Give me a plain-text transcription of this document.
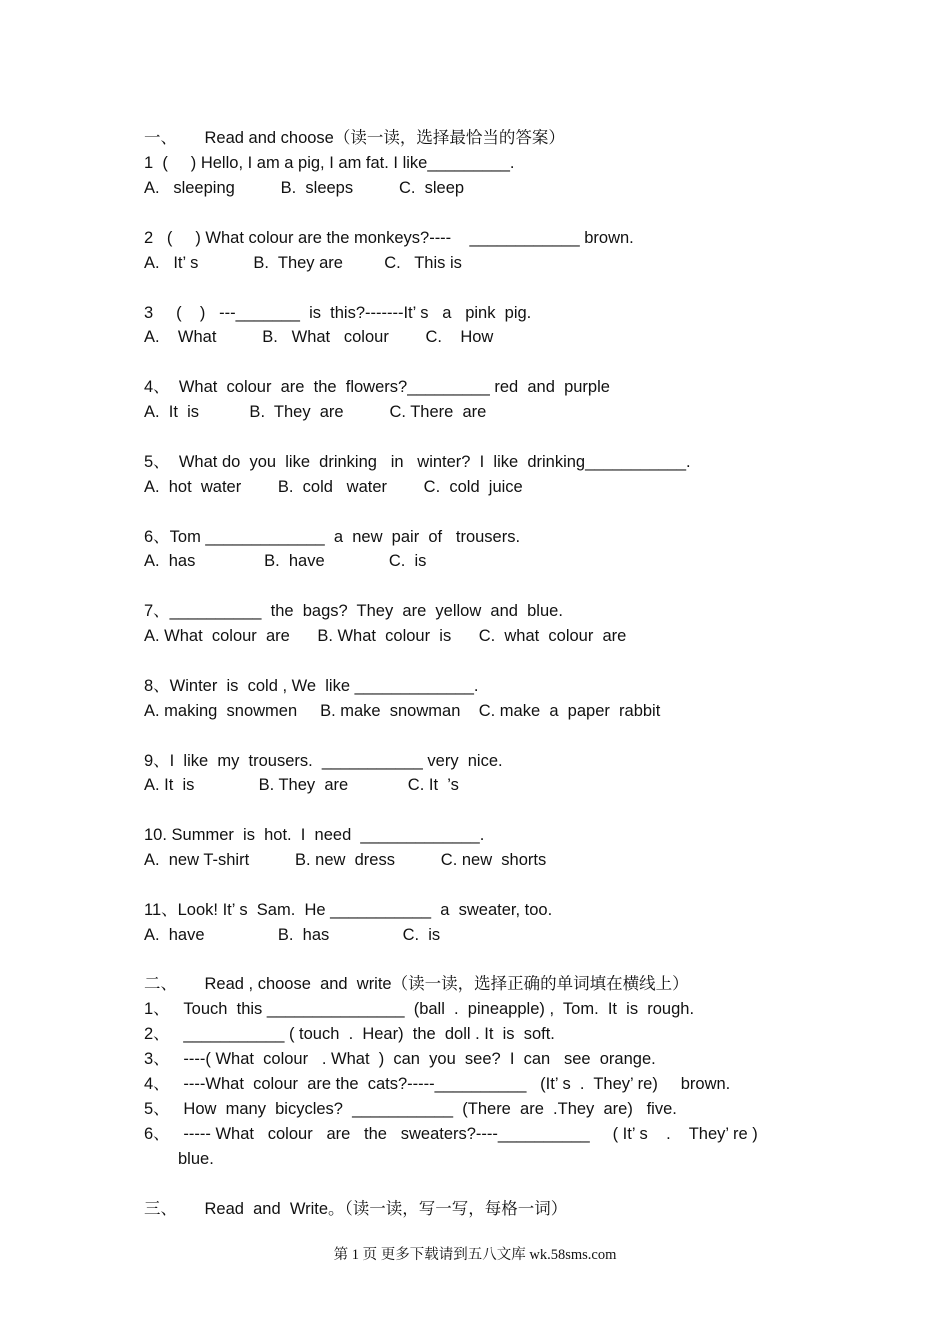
一、      Read and choose（读一读，选择最恰当的答案）
1  (     ) Hello, I am a pig, I am fat. I like_________.
A.   sleeping          B.  sleeps          C.  sleep
2   (     ) What colour are the monkeys?----    ____________ brown.
A.   It’ s            B.  They are         C.   This is
3     (    )   ---_______  is  this?-------It’ s   a   pink  pig.
A.    What          B.   What   colour        C.    How
4、  What  colour  are  the  flowers?_________ red  and  purple
A.  It  is           B.  They  are          C. There  are
5、  What do  you  like  drinking   in   winter?  I  like  drinking___________.
A.  hot  water        B.  cold   water        C.  cold  juice
6、Tom _____________  a  new  pair  of   trousers.
A.  has               B.  have              C.  is
7、__________  the  bags?  They  are  yellow  and  blue.
A. What  colour  are      B. What  colour  is      C.  what  colour  are
8、Winter  is  cold , We  like _____________.
A. making  snowmen     B. make  snowman    C. make  a  paper  rabbit
9、I  like  my  trousers.  ___________ very  nice.
A. It  is              B. They  are             C. It  ’s
10. Summer  is  hot.  I  need  _____________.
A.  new T-shirt          B. new  dress          C. new  shorts
11、Look! It’ s  Sam.  He ___________  a  sweater, too.
A.  have                B.  has                C.  is
二、      Read , choose  and  write（读一读，选择正确的单词填在横线上）
1、   Touch  this _______________  (ball  .  pineapple) ,  Tom.  It  is  rough.
2、   ___________ ( touch  .  Hear)  the  doll . It  is  soft.
3、   ----( What  colour   . What  )  can  you  see?  I  can   see  orange.
4、   ----What  colour  are the  cats?-----__________   (It’ s  .  They’ re)     brown.
5、   How  many  bicycles?  ___________  (There  are  .They  are)   five.
6、   ----- What   colour   are   the   sweaters?----__________     ( It’ s    .    They’ re )
blue.
三、      Read  and  Write。（读一读，写一写，每格一词）
第 1 页 更多下载请到五八文库 wk.58sms.com
